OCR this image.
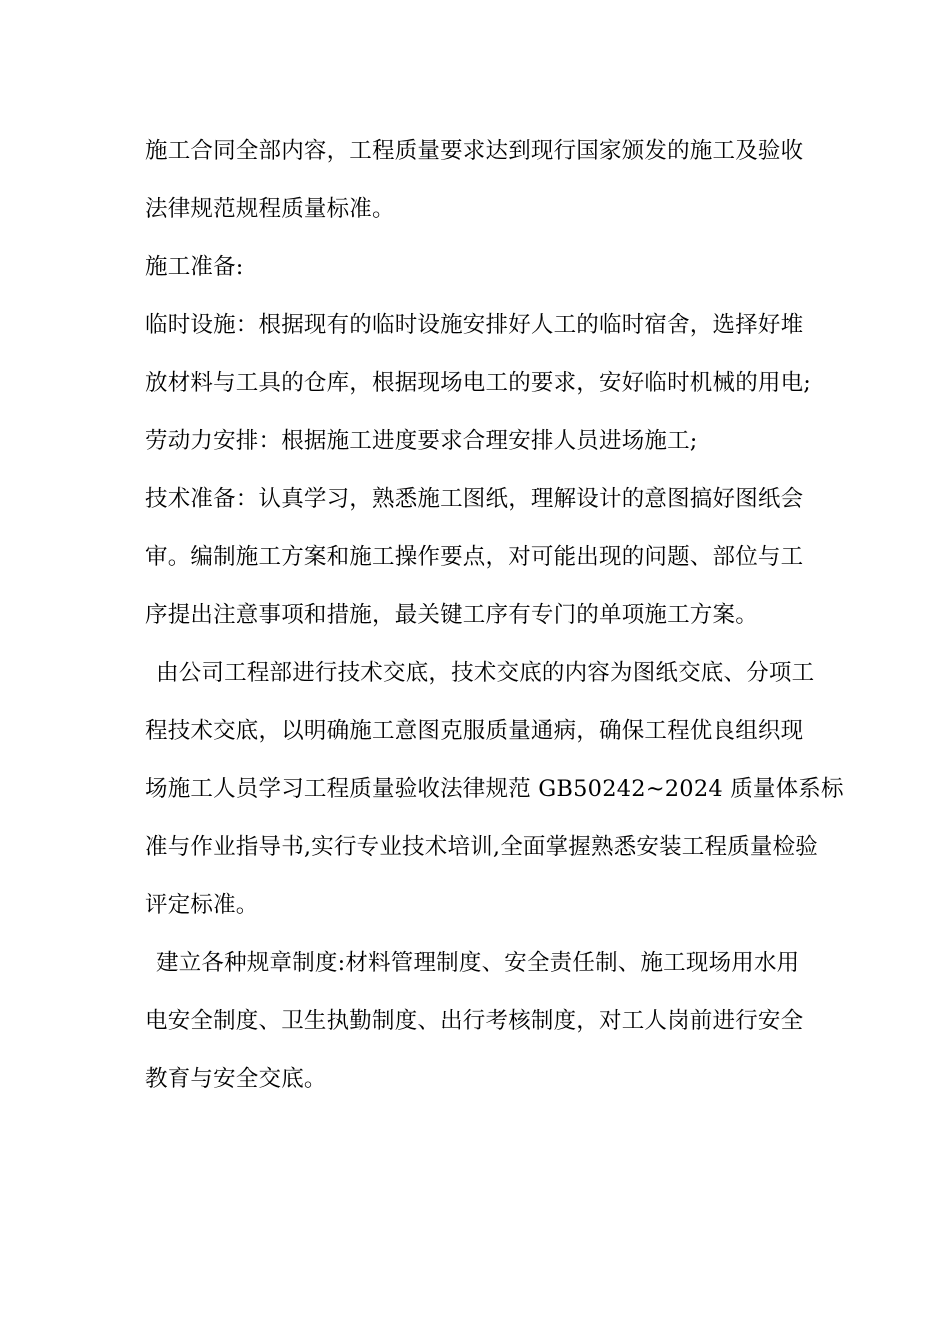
施工合同全部内容，工程质量要求达到现行国家颁发的施工及验收
法律规范规程质量标准。
施工准备:
临时设施：根据现有的临时设施安排好人工的临时宿舍，选择好堆
放材料与工具的仓库，根据现场电工的要求，安好临时机械的用电;
劳动力安排：根据施工进度要求合理安排人员进场施工;
技术准备：认真学习，熟悉施工图纸，理解设计的意图搞好图纸会
审。编制施工方案和施工操作要点，对可能出现的问题、部位与工
序提出注意事项和措施，最关键工序有专门的单项施工方案。
由公司工程部进行技术交底，技术交底的内容为图纸交底、分项工
程技术交底，以明确施工意图克服质量通病，确保工程优良组织现
场施工人员学习工程质量验收法律规范 GB50242~2024 质量体系标
准与作业指导书,实行专业技术培训,全面掌握熟悉安装工程质量检验
评定标准。
建立各种规章制度:材料管理制度、安全责任制、施工现场用水用
电安全制度、卫生执勤制度、出行考核制度，对工人岗前进行安全
教育与安全交底。
